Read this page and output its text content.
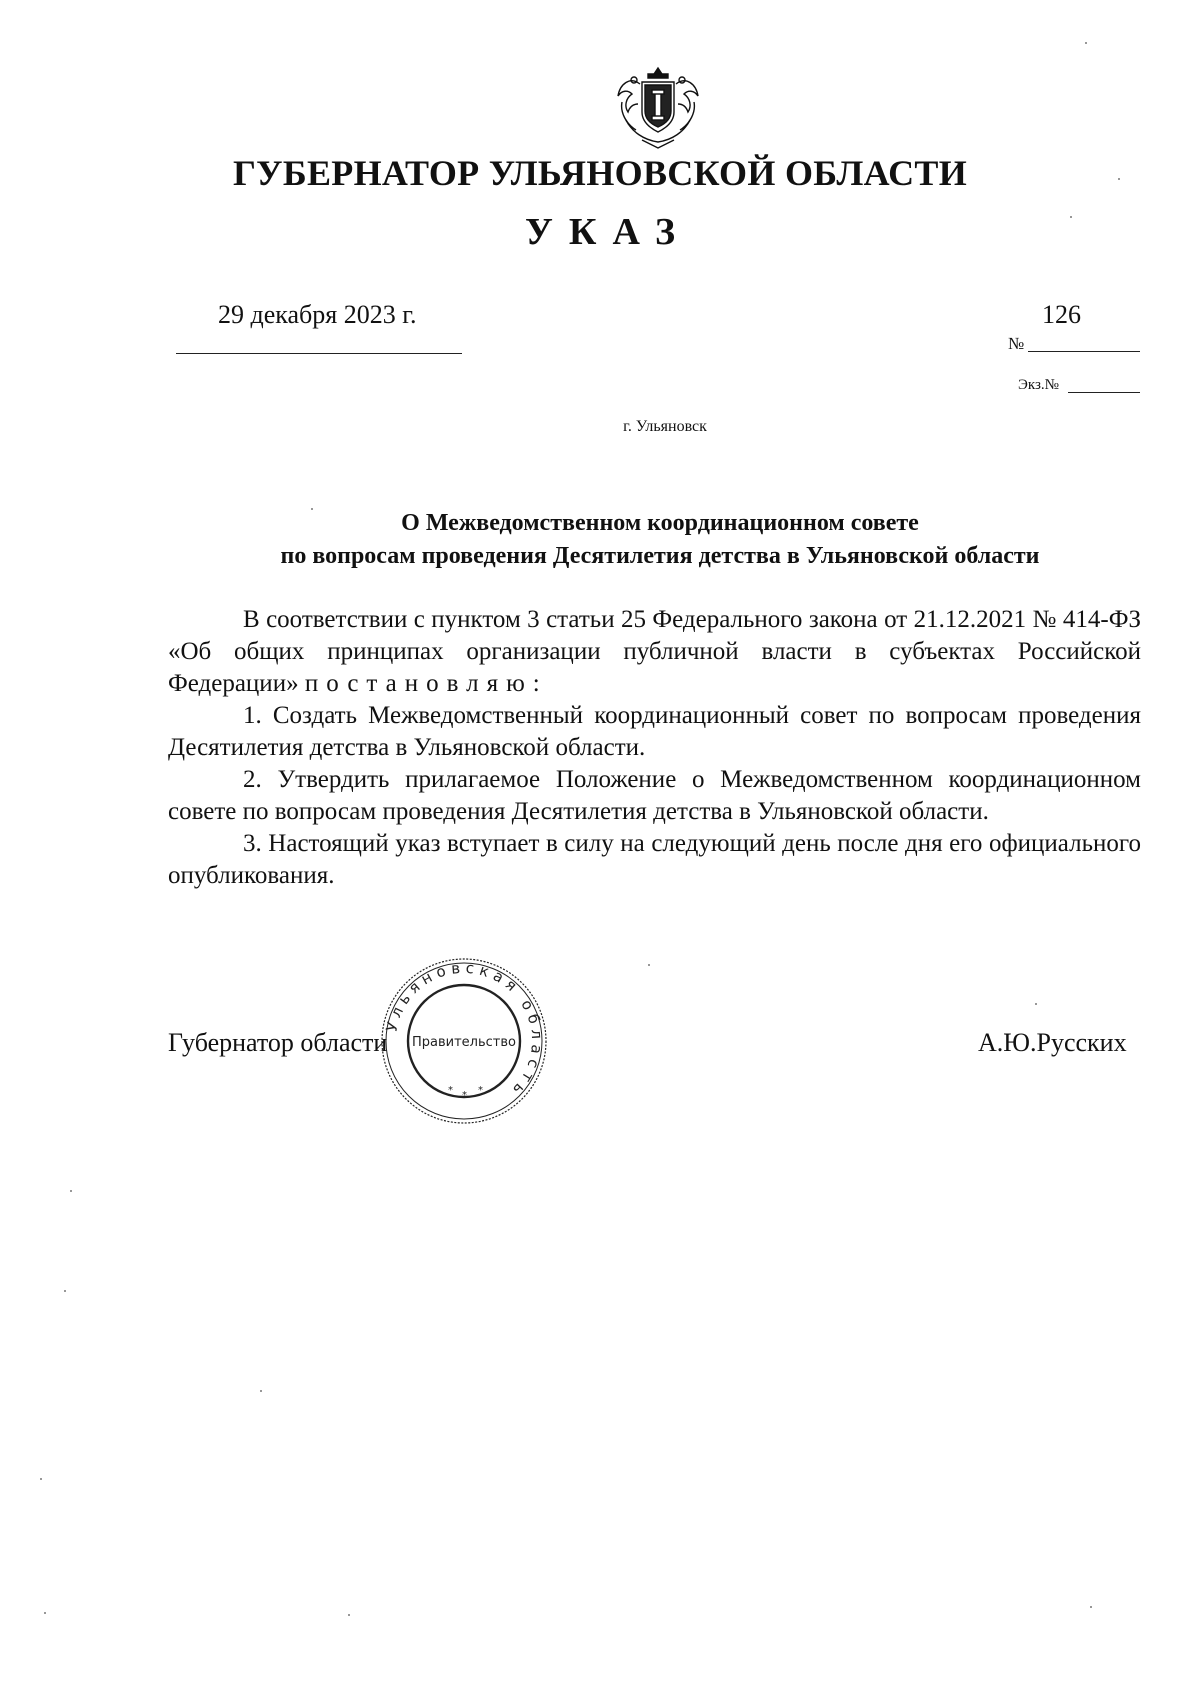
ГУБЕРНАТОР УЛЬЯНОВСКОЙ ОБЛАСТИ
УКАЗ
29 декабря 2023 г.	126
№
Экз.№
г. Ульяновск
О Межведомственном координационном совете
по вопросам проведения Десятилетия детства в Ульяновской области

В соответствии с пунктом 3 статьи 25 Федерального закона от 21.12.2021 № 414-ФЗ «Об общих принципах организации публичной власти в субъектах Российской Федерации» постановляю:

1. Создать Межведомственный координационный совет по вопросам проведения Десятилетия детства в Ульяновской области.

2. Утвердить прилагаемое Положение о Межведомственном координационном совете по вопросам проведения Десятилетия детства в Ульяновской области.

3. Настоящий указ вступает в силу на следующий день после дня его официального опубликования.

Губернатор области	А.Ю.Русских
Ульяновская область
Правительство
* * *
